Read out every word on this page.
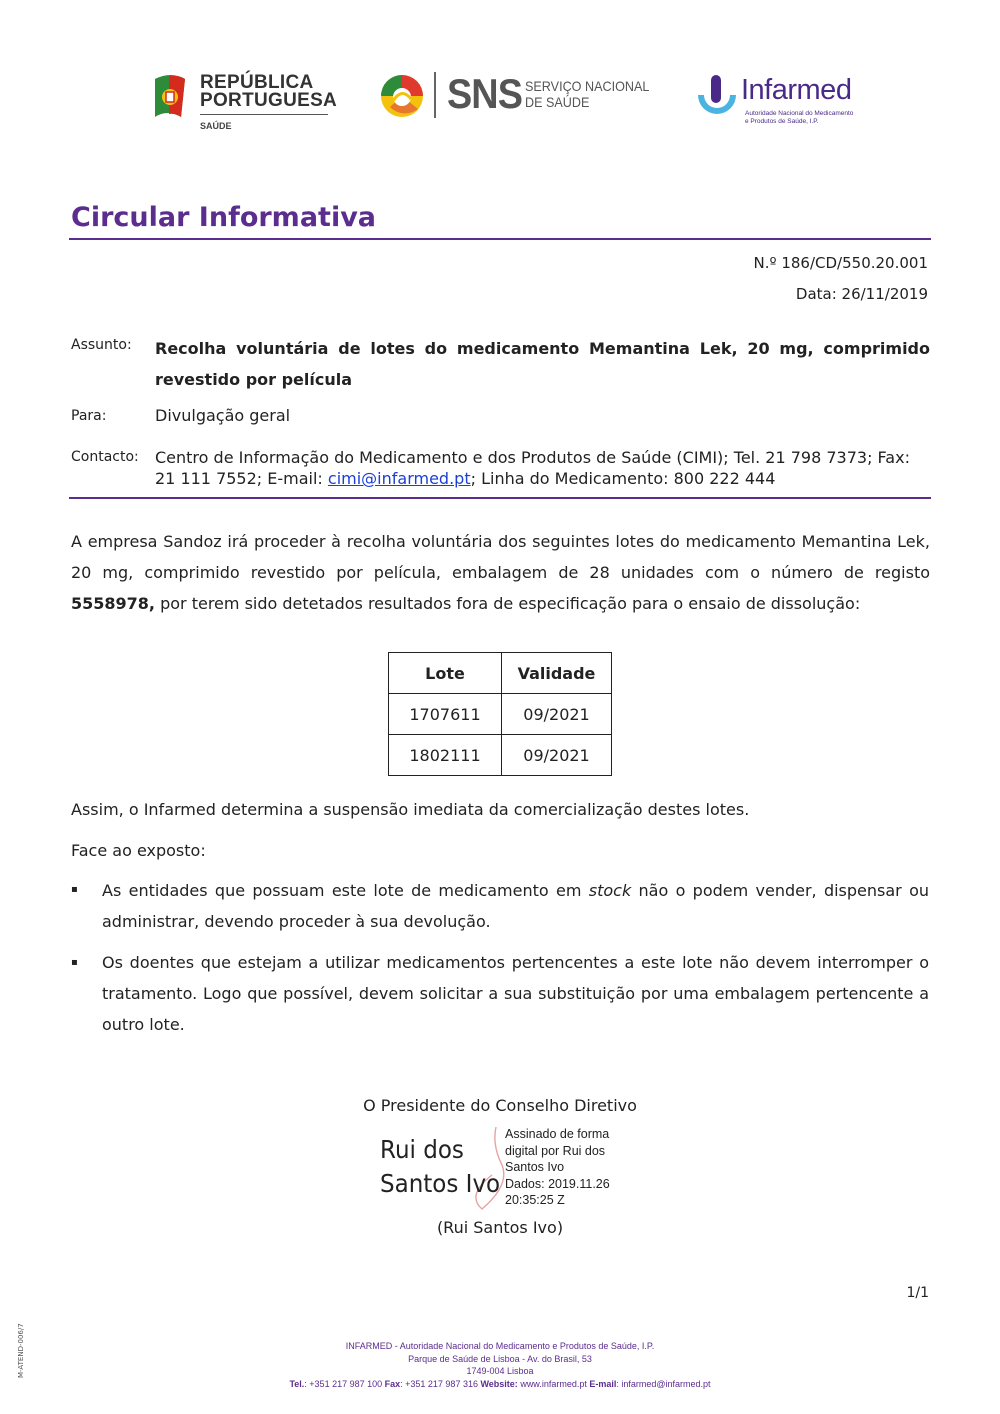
REPÚBLICA
PORTUGUESA
SAÚDE
SNS SERVIÇO NACIONAL
DE SAÚDE	Infarmed
Autoridade Nacional do Medicamento
e Produtos de Saúde, I.P.
Circular Informativa
N.º 186/CD/550.20.001
Data: 26/11/2019
Assunto: Recolha voluntária de lotes do medicamento Memantina Lek, 20 mg, comprimido revestido por película
Para:	Divulgação geral
Contacto: Centro de Informação do Medicamento e dos Produtos de Saúde (CIMI); Tel. 21 798 7373; Fax: 21 111 7552; E-mail: cimi@infarmed.pt; Linha do Medicamento: 800 222 444
A empresa Sandoz irá proceder à recolha voluntária dos seguintes lotes do medicamento Memantina Lek, 20 mg, comprimido revestido por película, embalagem de 28 unidades com o número de registo 5558978, por terem sido detetados resultados fora de especificação para o ensaio de dissolução:
Lote	Validade
1707611	09/2021
1802111	09/2021
Assim, o Infarmed determina a suspensão imediata da comercialização destes lotes.
Face ao exposto:
▪ As entidades que possuam este lote de medicamento em stock não o podem vender, dispensar ou administrar, devendo proceder à sua devolução.
▪ Os doentes que estejam a utilizar medicamentos pertencentes a este lote não devem interromper o tratamento. Logo que possível, devem solicitar a sua substituição por uma embalagem pertencente a outro lote.
O Presidente do Conselho Diretivo
Rui dos
Santos Ivo
Assinado de forma
digital por Rui dos
Santos Ivo
Dados: 2019.11.26
20:35:25 Z
(Rui Santos Ivo)
1/1
M-ATEND-006/7	INFARMED - Autoridade Nacional do Medicamento e Produtos de Saúde, I.P.
Parque de Saúde de Lisboa - Av. do Brasil, 53
1749-004 Lisboa
Tel.: +351 217 987 100 Fax: +351 217 987 316 Website: www.infarmed.pt E-mail: infarmed@infarmed.pt
